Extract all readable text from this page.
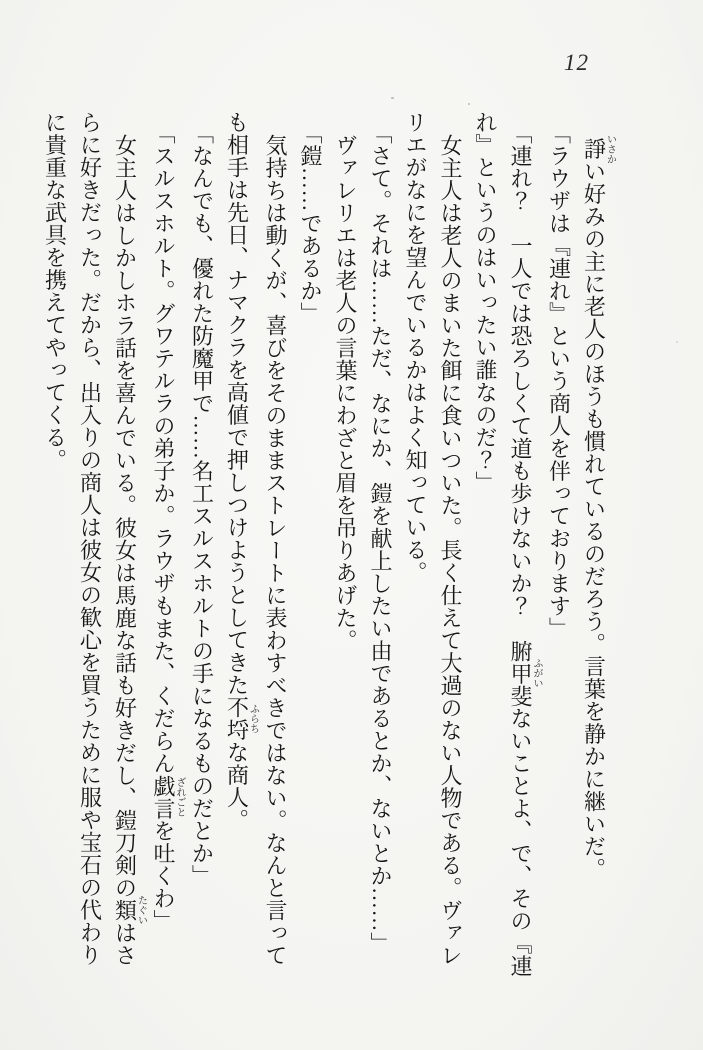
12

諍いさかい好みの主に老人のほうも慣れているのだろう。言葉を静かに継いだ。

「ラウザは『連れ』という商人を伴っております」

「連れ？　一人では恐ろしくて道も歩けないか？　腑甲斐ふがいないことよ、で、その『連

れ』というのはいったい誰なのだ？」

女主人は老人のまいた餌に食いついた。長く仕えて大過のない人物である。ヴァレ

リエがなにを望んでいるかはよく知っている。

「さて。それは……ただ、なにか、鎧を献上したい由であるとか、ないとか……」

ヴァレリエは老人の言葉にわざと眉を吊りあげた。

「鎧……であるか」

気持ちは動くが、喜びをそのままストレートに表わすべきではない。なんと言って

も相手は先日、ナマクラを高値で押しつけようとしてきた不埒ふらちな商人。

「なんでも、優れた防魔甲で……名工スルスホルトの手になるものだとか」

「スルスホルト。グワテルラの弟子か。ラウザもまた、くだらん戯言ざれごとを吐くわ」

女主人はしかしホラ話を喜んでいる。彼女は馬鹿な話も好きだし、鎧刀剣の類たぐいはさ

らに好きだった。だから、出入りの商人は彼女の歓心を買うために服や宝石の代わり

に貴重な武具を携えてやってくる。
